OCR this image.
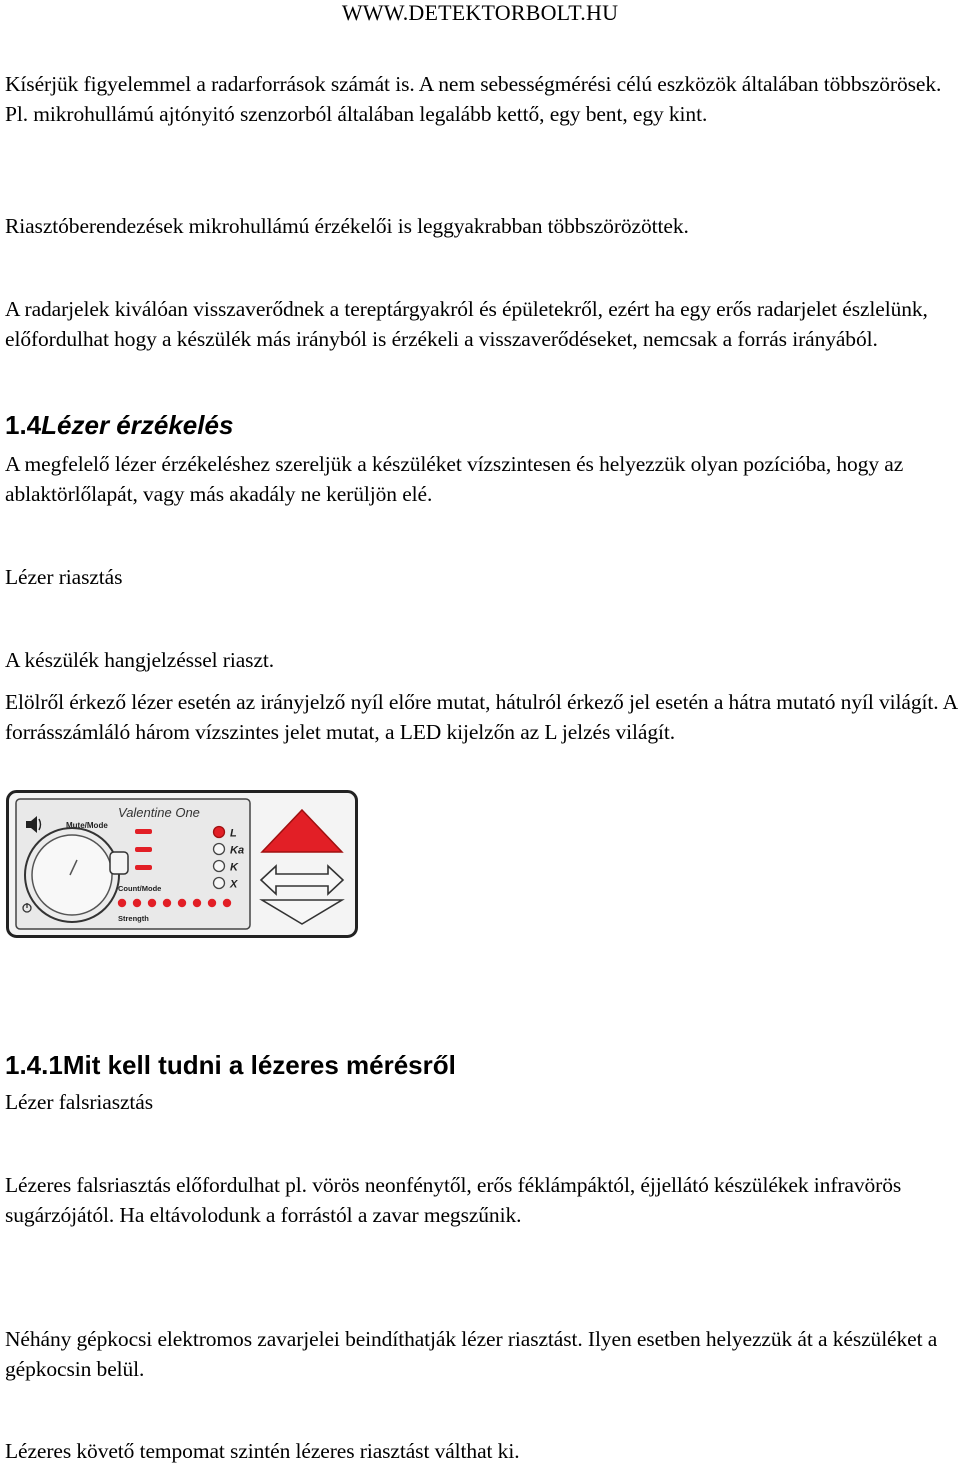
WWW.DETEKTORBOLT.HU

Kísérjük figyelemmel a radarforrások számát is. A nem sebességmérési célú eszközök általában többszörösek. Pl. mikrohullámú ajtónyitó szenzorból általában legalább kettő, egy bent, egy kint.

Riasztóberendezések mikrohullámú érzékelői is leggyakrabban többszörözöttek.

A radarjelek kiválóan visszaverődnek a tereptárgyakról és épületekről, ezért ha egy erős radarjelet észlelünk, előfordulhat hogy a készülék más irányból is érzékeli a visszaverődéseket, nemcsak a forrás irányából.

1.4Lézer érzékelés

A megfelelő lézer érzékeléshez szereljük a készüléket vízszintesen és helyezzük olyan pozícióba, hogy az ablaktörlőlapát, vagy más akadály ne kerüljön elé.

Lézer riasztás

A készülék hangjelzéssel riaszt.

Elölről érkező lézer esetén az irányjelző nyíl előre mutat, hátulról érkező jel esetén a hátra mutató nyíl világít. A forrásszámláló három vízszintes jelet mutat, a LED kijelzőn az L jelzés világít.

Mute/Mode
Valentine One
Count/Mode
Strength
L
Ka
K
X
1.4.1Mit kell tudni a lézeres mérésről

Lézer falsriasztás

Lézeres falsriasztás előfordulhat pl. vörös neonfénytől, erős féklámpáktól, éjjellátó készülékek infravörös sugárzójától. Ha eltávolodunk a forrástól a zavar megszűnik.

Néhány gépkocsi elektromos zavarjelei beindíthatják lézer riasztást. Ilyen esetben helyezzük át a készüléket a gépkocsin belül.

Lézeres követő tempomat szintén lézeres riasztást válthat ki.
